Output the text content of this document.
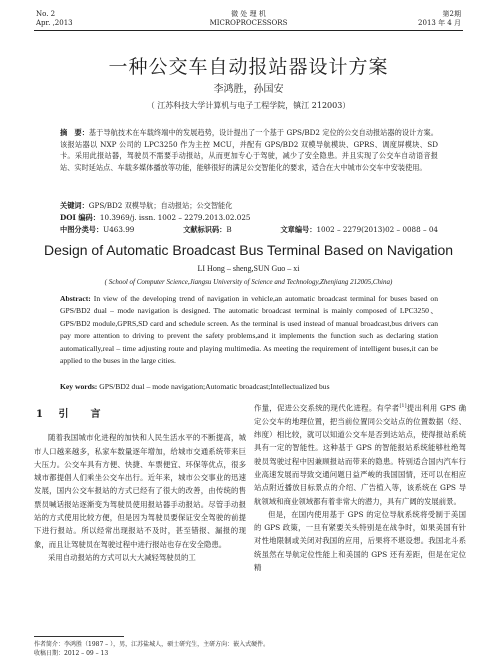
No. 2
Apr. ,2013
微 处 理 机
MICROPROCESSORS
第2期
2013 年 4 月
一种公交车自动报站器设计方案
李鸿胜，孙国安
（ 江苏科技大学计算机与电子工程学院，镇江 212003）
摘　要：基于导航技术在车载终端中的发展趋势，设计提出了一个基于 GPS/BD2 定位的公交自动报站器的设计方案。该报站器以 NXP 公司的 LPC3250 作为主控 MCU，并配有 GPS/BD2 双模导航模块、GPRS、调度屏模块、SD 卡。采用此报站器，驾驶员不需要手动报站，从而更加专心于驾驶，减少了安全隐患。并且实现了公交车自动语音报站、实时延站点、车载多媒体播放等功能，能够很好的满足公交智能化的要求，适合在大中城市公交车中安装使用。
关键词：GPS/BD2 双模导航；自动报站；公交智能化
DOI 编码：10.3969/j. issn. 1002 – 2279.2013.02.025
中图分类号：U463.99	文献标识码：B	文章编号：1002 – 2279(2013)02 – 0088 – 04
Design of Automatic Broadcast Bus Terminal Based on Navigation
LI Hong – sheng,SUN Guo – xi
( School of Computer Science,Jiangsu University of Science and Technology,Zhenjiang 212005,China)
Abstract: In view of the developing trend of navigation in vehicle,an automatic broadcast terminal for buses based on GPS/BD2 dual – mode navigation is designed. The automatic broadcast terminal is mainly composed of LPC3250、GPS/BD2 module,GPRS,SD card and schedule screen. As the terminal is used instead of manual broadcast,bus drivers can pay more attention to driving to prevent the safety problems,and it implements the function such as declaring station automatically,real – time adjusting route and playing multimedia. As meeting the requirement of intelligent buses,it can be applied to the buses in the large cities.
Key words: GPS/BD2 dual – mode navigation;Automatic broadcast;Intellectualized bus
1 引　言

随着我国城市化进程的加快和人民生活水平的不断提高，城市人口越来越多，私家车数量逐年增加，给城市交通系统带来巨大压力。公交车具有方便、快捷、车票便宜、环保等优点，很多城市都提倡人们乘坐公交车出行。近年来，城市公交事业的迅速发展，国内公交车报站的方式已经有了很大的改善，由传统的售票员喊话报站逐渐变为驾驶员使用报站器手动报站。尽管手动报站的方式使用比较方便，但是因为驾驶员要保证安全驾驶的前提下进行报站。所以经常出现报站不及时，甚至错报、漏报的现象，而且让驾驶员在驾驶过程中进行报站也存在安全隐患。

采用自动报站的方式可以大大减轻驾驶员的工

作量，促进公交系统的现代化进程。有学者[1]提出利用 GPS 确定公交车的地理位置，把当前位置同公交站点的位置数据（经、纬度）相比较，就可以知道公交车是否到达站点，使得报站系统具有一定的智能性。这种基于 GPS 的智能报站系统能够杜绝驾驶员驾驶过程中因兼顾报站而带来的隐患。特别适合国内汽车行业高速发展而导致交通问题日益严峻的我国国情，还可以在相应站点附近播放目标景点的介绍、广告植入等，该系统在 GPS 导航领域和商业领域都有着非常大的潜力，具有广阔的发展前景。

但是，在国内使用基于 GPS 的定位导航系统将受制于美国的 GPS 政策，一旦有紧要关头特别是在战争时，如果美国有针对性地限制或关闭对我国的应用，后果将不堪设想。我国北斗系统虽然在导航定位性能上和美国的 GPS 还有差距，但是在定位精

作者简介：李鸿胜（1987 – ），男，江苏盐城人，硕士研究生，主研方向：嵌入式硬件。
收稿日期：2012 – 09 – 13
